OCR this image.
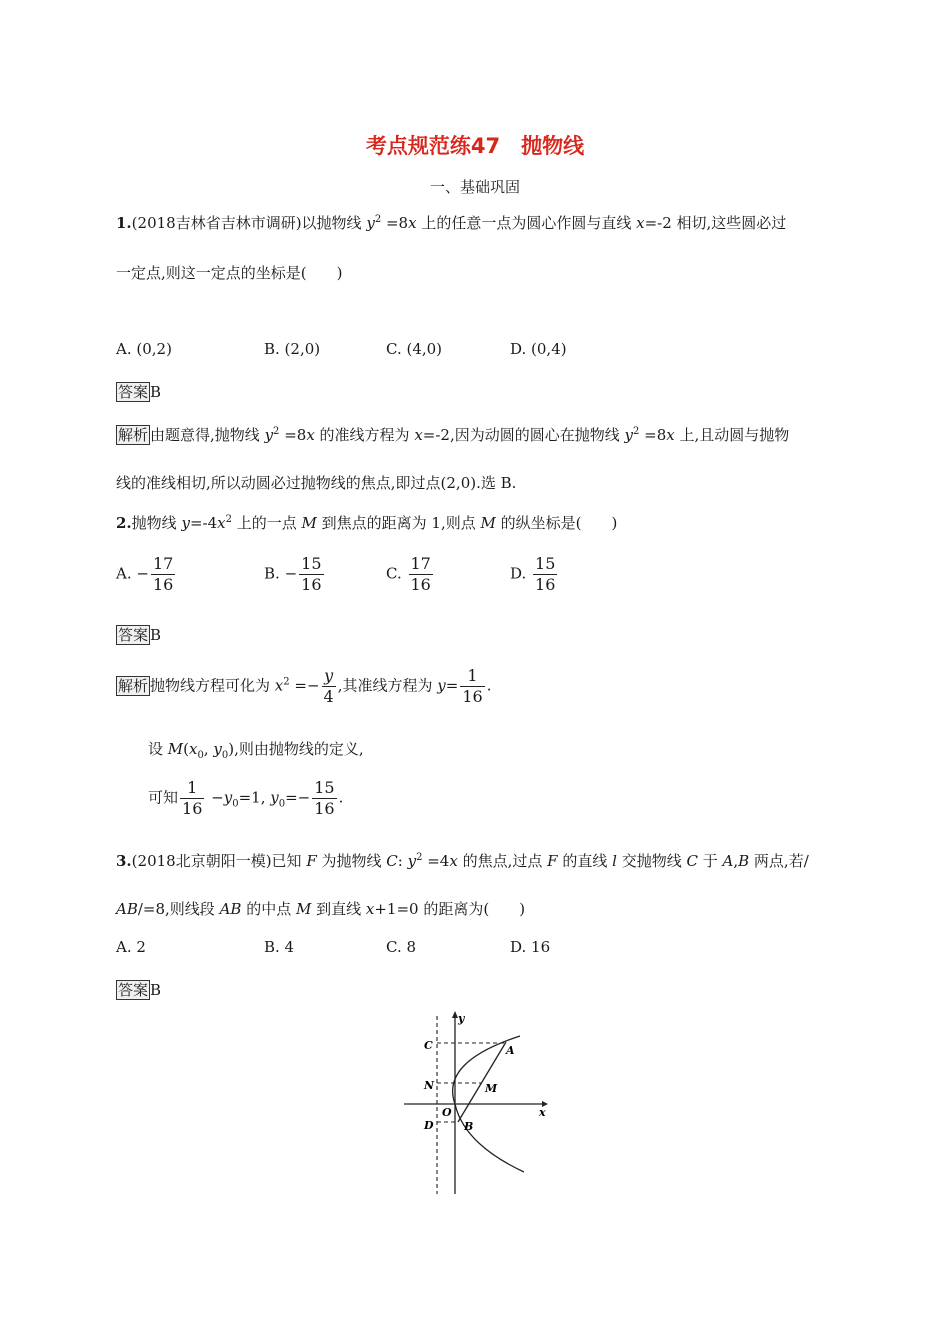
考点规范练47　抛物线
一、基础巩固
1.(2018吉林省吉林市调研)以抛物线 $y^2 =8x$ 上的任意一点为圆心作圆与直线 x=-2 相切,这些圆必过
一定点,则这一定点的坐标是(　　)
A. (0,2)	B. (2,0)	C. (4,0)	D. (0,4)
答案 B
解析 由题意得,抛物线 $y^2 =8x$ 的准线方程为 x=-2,因为动圆的圆心在抛物线 $y^2 =8x$ 上,且动圆与抛物
线的准线相切,所以动圆必过抛物线的焦点,即过点(2,0).选 B.
2.抛物线 $y=-4x^2$ 上的一点 M 到焦点的距离为 1,则点 M 的纵坐标是(　　)
A. − $\frac{17}{16}$	B. − $\frac{15}{16}$	C. $\frac{17}{16}$	D. $\frac{15}{16}$
答案 B
解析 抛物线方程可化为 $x^2 =- \frac{y}{4}$ ,其准线方程为 $y= \frac{1}{16}$ .
设 $M(x_0$, $y_0$),则由抛物线的定义,
可知 $\frac{1}{16} -y_0=1$, $y_0=- \frac{15}{16}$ .
3.(2018北京朝阳一模)已知 F 为抛物线 C: $y^2 =4x$ 的焦点,过点 F 的直线 l 交抛物线 C 于 A,B 两点,若/
AB/=8,则线段 AB 的中点 M 到直线 x+1=0 的距离为(　　)
A. 2	B. 4	C. 8	D. 16
答案 B
y
x
C	A
N	M
O
D	B
